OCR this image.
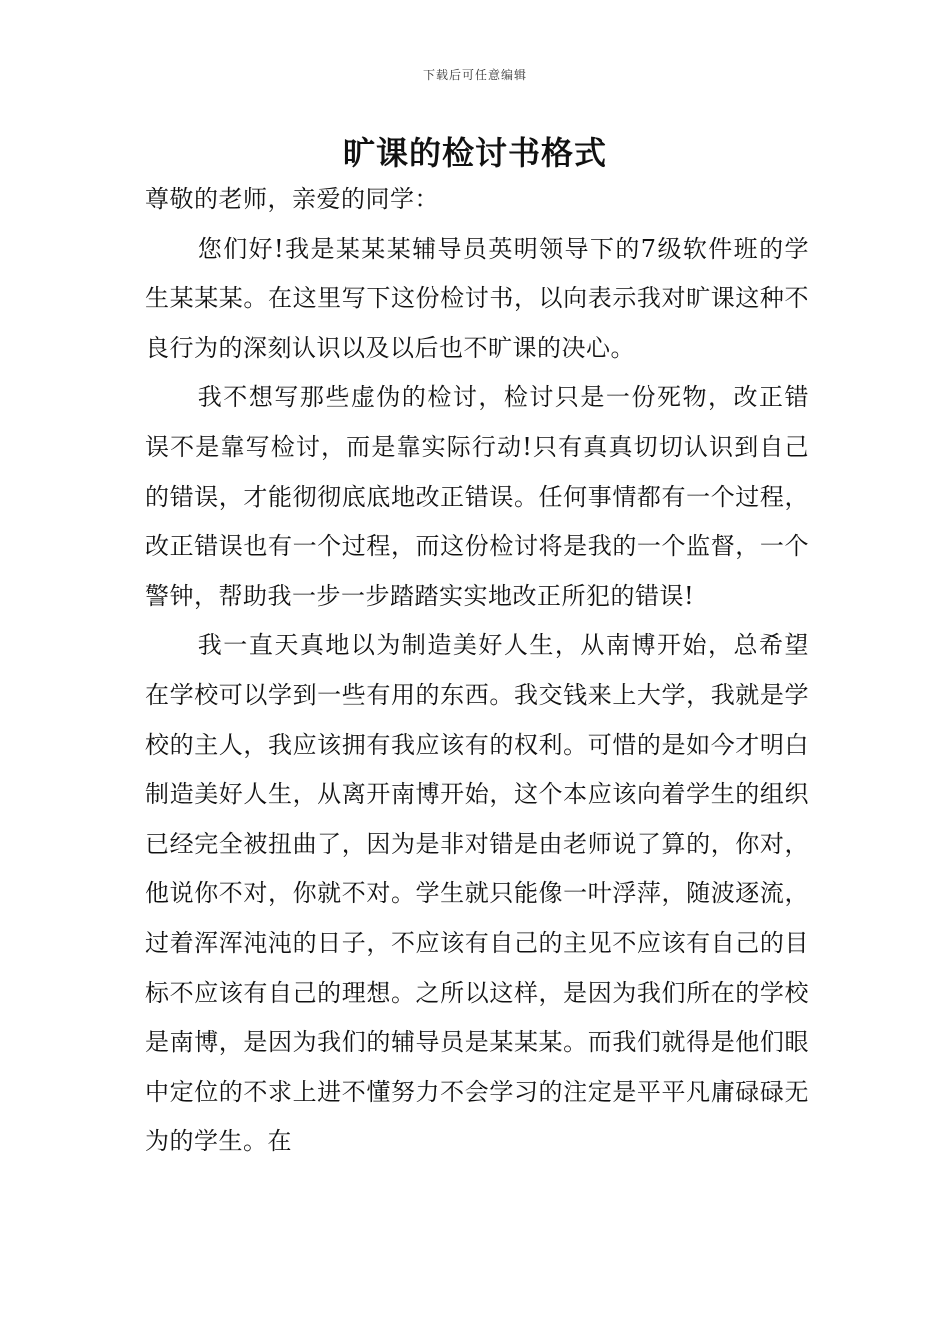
下载后可任意编辑
旷课的检讨书格式

尊敬的老师，亲爱的同学：

您们好!我是某某某辅导员英明领导下的7级软件班的学生某某某。在这里写下这份检讨书，以向表示我对旷课这种不良行为的深刻认识以及以后也不旷课的决心。

我不想写那些虚伪的检讨，检讨只是一份死物，改正错误不是靠写检讨，而是靠实际行动!只有真真切切认识到自己的错误，才能彻彻底底地改正错误。任何事情都有一个过程，改正错误也有一个过程，而这份检讨将是我的一个监督，一个警钟，帮助我一步一步踏踏实实地改正所犯的错误!

我一直天真地以为制造美好人生，从南博开始，总希望在学校可以学到一些有用的东西。我交钱来上大学，我就是学校的主人，我应该拥有我应该有的权利。可惜的是如今才明白制造美好人生，从离开南博开始，这个本应该向着学生的组织已经完全被扭曲了，因为是非对错是由老师说了算的，你对，他说你不对，你就不对。学生就只能像一叶浮萍，随波逐流，过着浑浑沌沌的日子，不应该有自己的主见不应该有自己的目标不应该有自己的理想。之所以这样，是因为我们所在的学校是南博，是因为我们的辅导员是某某某。而我们就得是他们眼中定位的不求上进不懂努力不会学习的注定是平平凡庸碌碌无为的学生。在
